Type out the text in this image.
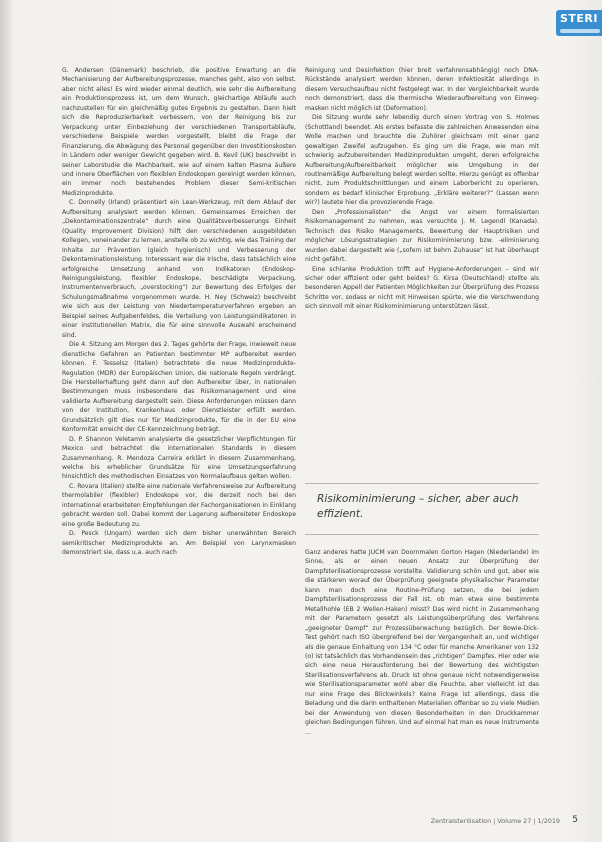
STERI

G. Andersen (Dänemark) beschrieb, die positive Erwartung an die Mechanisierung der Aufbereitungsprozesse, manches geht, also von selbst, aber nicht alles! Es wird wieder einmal deutlich, wie sehr die Aufbereitung ein Produktionsprozess ist, um dem Wunsch, gleichartige Abläufe auch nachzustellen für ein gleichmäßig gutes Ergebnis zu gestalten. Dann hielt sich die Reproduzierbarkeit verbessern, von der Reinigung bis zur Verpackung unter Einbeziehung der verschiedenen Transportabläufe, verschiedene Beispiele werden vorgestellt, bleibt die Frage der Finanzierung, die Abwägung des Personal gegenüber den Investitionskosten in Ländern oder weniger Gewicht gegeben wird. B. Kevil (UK) beschreibt in seiner Laborstudie die Machbarkeit, wie auf einem kalten Plasma äußere und innere Oberflächen von flexiblen Endoskopen gereinigt werden können, ein immer noch bestehendes Problem dieser Semi-kritischen Medizinprodukte.

C. Donnelly (Irland) präsentiert ein Lean-Werkzeug, mit dem Ablauf der Aufbereitung analysiert werden können. Gemeinsames Erreichen der „Dekontaminationszentrale“ durch eine Qualitätsverbesserungs Einheit (Quality Improvement Division) hilft den verschiedenen ausgebildeten Kollegen, voneinander zu lernen, anstelle ob zu wichtig, wie das Training der Inhalte zur Prävention (gleich hygienisch) und Verbesserung der Dekontaminationsleistung. Interessant war die Irische, dass tatsächlich eine erfolgreiche Umsetzung anhand von Indikatoren (Endoskop-Reinigungsleistung, flexibler Endoskope, beschädigte Verpackung, Instrumentenverbrauch, „overstocking“) zur Bewertung des Erfolges der Schulungsmaßnahme vorgenommen wurde. H. Ney (Schweiz) beschreibt wie sich aus der Leistung von Niedertemperaturverfahren ergeben an Beispiel seines Aufgabenfeldes, die Verteilung von Leistungsindikatoren in einer institutionellen Matrix, die für eine sinnvolle Auswahl erscheinend sind.

Die 4. Sitzung am Morgen des 2. Tages gehörte der Frage, inwieweit neue dienstliche Gefahren an Patienten bestimmter MP aufbereitet werden können. F. Tesselsz (Italien) betrachtete die neue Medizinprodukte-Regulation (MDR) der Europäischen Union, die nationale Regeln verdrängt. Die Herstellerhaftung geht dann auf den Aufbereiter über, in nationalen Bestimmungen muss insbesondere das Risikomanagement und eine validierte Aufbereitung dargestellt sein. Diese Anforderungen müssen dann von der Institution, Krankenhaus oder Dienstleister erfüllt werden. Grundsätzlich gilt dies nur für Medizinprodukte, für die in der EU eine Konformität erreicht der CE-Kennzeichnung beträgt.

D. P. Shannon Veletamin analysierte die gesetzlicher Verpflichtungen für Mexico und betrachtet die internationalen Standards in diesem Zusammenhang. R. Mendoza Carreira erklärt in diesem Zusammenhang, welche bis erheblicher Grundsätze für eine Umsetzungserfahrung hinsichtlich des methodischen Einsatzes von Normalaufbaus gelten wollen.

C. Rovara (Italien) stellte eine nationale Verfahrensweise zur Aufbereitung thermolabiler (flexibler) Endoskope vor, die derzeit noch bei den international erarbeiteten Empfehlungen der Fachorganisationen in Einklang gebracht werden soll. Dabei kommt der Lagerung aufbereiteter Endoskope eine große Bedeutung zu.

D. Pesck (Ungarn) werden sich dem bisher unerwähnten Bereich semikritischer Medizinprodukte an. Am Beispiel von Larynxmasken demonstriert sie, dass u.a. auch nach

Reinigung und Desinfektion (hier breit verfahrensabhängig) noch DNA-Rückstände analysiert werden können, deren Infektiosität allerdings in diesem Versuchsaufbau nicht festgelegt war. In der Vergleichbarkeit wurde noch demonstriert, dass die thermische Wiederaufbereitung von Einweg-masken nicht möglich ist (Deformation).

Die Sitzung wurde sehr lebendig durch einen Vortrag von S. Holmes (Schottland) beendet. Als erstes befasste die zahlreichen Anwesenden eine Wolle machen und brauchte die Zuhörer gleichsam mit einer ganz gewaltigen Zweifel aufzugehen. Es ging um die Frage, wie man mit schwierig aufzubereitenden Medizinprodukten umgeht, deren erfolgreiche Aufbereitung/Aufbereitbarkeit möglicher wie Umgebung in der routinemäßige Aufbereitung belegt werden sollte. Hierzu genügt es offenbar nicht, zum Produktschnittlungen und einem Laborbericht zu operieren, sondern es bedarf klinischer Erprobung. „Erkläre weiterer?“ (Lassen wenn wir?) lautete hier die provozierende Frage.

Den „Professionalisten“ die Angst vor einem formalisierten Risikomanagement zu nehmen, was versuchte J. M. Legendl (Kanada). Technisch des Risiko Managements, Bewertung der Hauptrisiken und möglicher Lösungsstrategien zur Risikominimierung bzw. -eliminierung wurden dabei dargestellt wie („sofern ist behrn Zuhause“ ist hat überhaupt nicht gefährt.

Eine schlanke Produktion trifft auf Hygiene-Anforderungen – sind wir sicher oder effizient oder geht beides? G. Kirsa (Deutschland) stellte als besonderen Appell der Patienten Möglichkeiten zur Überprüfung des Prozess Schritte vor, sodass er nicht mit Hinweisen spürte, wie die Verschwendung sich sinnvoll mit einer Risikominimierung unterstützen lässt.

Risikominimierung – sicher, aber auch effizient.

Ganz anderes hatte JUCM van Doornmalen Gorton Hagen (Niederlande) im Sinne, als er einen neuen Ansatz zur Überprüfung der Dampfsterilisationsprozesse vorstellte. Validierung schön und gut, aber wie die stärkeren worauf der Überprüfung geeignete physikalischer Parameter kann man doch eine Routine-Prüfung setzen, die bei jedem Dampfsterilisationsprozess der Fall ist, ob man etwa eine bestimmte Metallhohle (EB 2 Wellen-Haken) misst? Das wird nicht in Zusammenhang mit der Parametern gesetzt als Leistungsüberprüfung des Verfahrens „geeigneter Dampf“ zur Prozessüberwachung bezüglich. Der Bowie-Dick-Test gehört nach ISO übergreifend bei der Vergangenheit an, und wichtiger als die genaue Einhaltung von 134 °C oder für manche Amerikaner von 132 (o) ist tatsächlich das Vorhandensein des „richtigen“ Dampfes. Hier oder wie sich eine neue Herausforderung bei der Bewertung des wichtigsten Sterilisationsverfahrens ab. Druck ist ohne genaue nicht notwendigerweise wie Sterilisationsparameter wohl aber die Feuchte, aber vielleicht ist das nur eine Frage des Blickwinkels? Keine Frage ist allerdings, dass die Beladung und die darin enthaltenen Materialien offenbar so zu viele Medien bei der Anwendung von diesen Besonderheiten in den Druckkammer gleichen Bedingungen führen. Und auf einmal hat man es neue Instrumente …

Zentralsterilisation | Volume 27 | 1/2019 5
